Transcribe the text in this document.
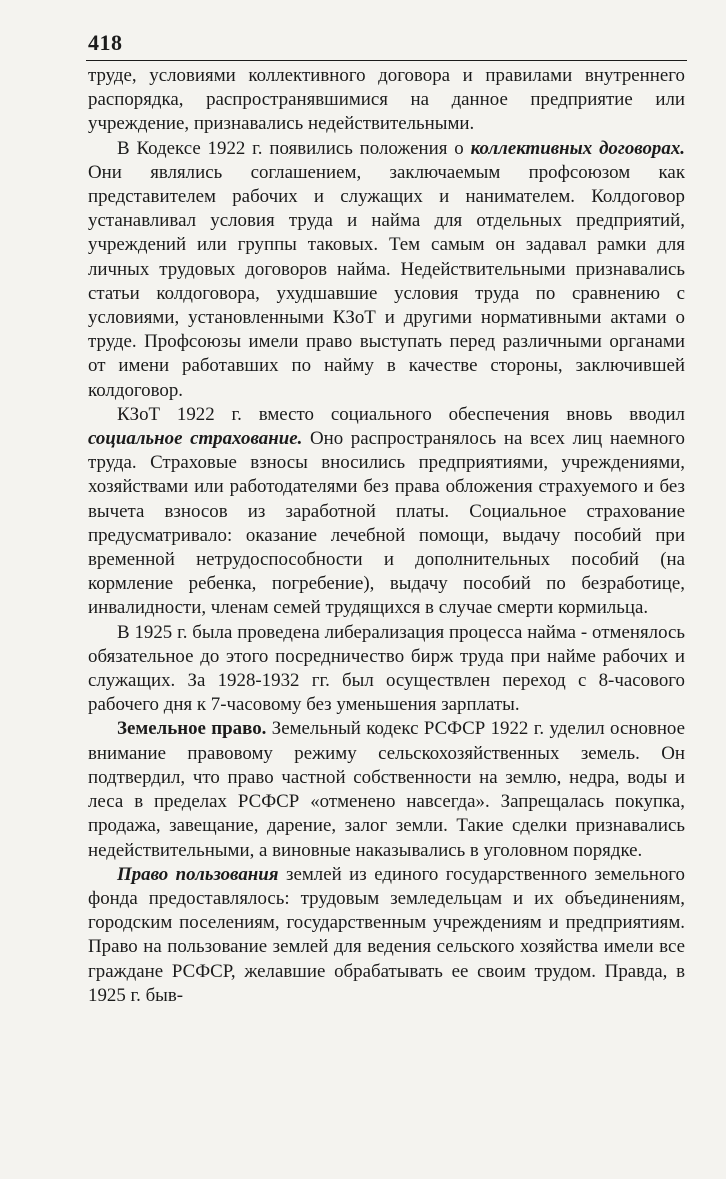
418

труде, условиями коллективного договора и правилами внутреннего распорядка, распространявшимися на данное предприятие или учреждение, признавались недействительными.

В Кодексе 1922 г. появились положения о коллективных договорах. Они являлись соглашением, заключаемым профсоюзом как представителем рабочих и служащих и нанимателем. Колдоговор устанавливал условия труда и найма для отдельных предприятий, учреждений или группы таковых. Тем самым он задавал рамки для личных трудовых договоров найма. Недействительными признавались статьи колдоговора, ухудшавшие условия труда по сравнению с условиями, установленными КЗоТ и другими нормативными актами о труде. Профсоюзы имели право выступать перед различными органами от имени работавших по найму в качестве стороны, заключившей колдоговор.

КЗоТ 1922 г. вместо социального обеспечения вновь вводил социальное страхование. Оно распространялось на всех лиц наемного труда. Страховые взносы вносились предприятиями, учреждениями, хозяйствами или работодателями без права обложения страхуемого и без вычета взносов из заработной платы. Социальное страхование предусматривало: оказание лечебной помощи, выдачу пособий при временной нетрудоспособности и дополнительных пособий (на кормление ребенка, погребение), выдачу пособий по безработице, инвалидности, членам семей трудящихся в случае смерти кормильца.

В 1925 г. была проведена либерализация процесса найма - отменялось обязательное до этого посредничество бирж труда при найме рабочих и служащих. За 1928-1932 гг. был осуществлен переход с 8-часового рабочего дня к 7-часовому без уменьшения зарплаты.

Земельное право. Земельный кодекс РСФСР 1922 г. уделил основное внимание правовому режиму сельскохозяйственных земель. Он подтвердил, что право частной собственности на землю, недра, воды и леса в пределах РСФСР «отменено навсегда». Запрещалась покупка, продажа, завещание, дарение, залог земли. Такие сделки признавались недействительными, а виновные наказывались в уголовном порядке.

Право пользования землей из единого государственного земельного фонда предоставлялось: трудовым земледельцам и их объединениям, городским поселениям, государственным учреждениям и предприятиям. Право на пользование землей для ведения сельского хозяйства имели все граждане РСФСР, желавшие обрабатывать ее своим трудом. Правда, в 1925 г. быв-
